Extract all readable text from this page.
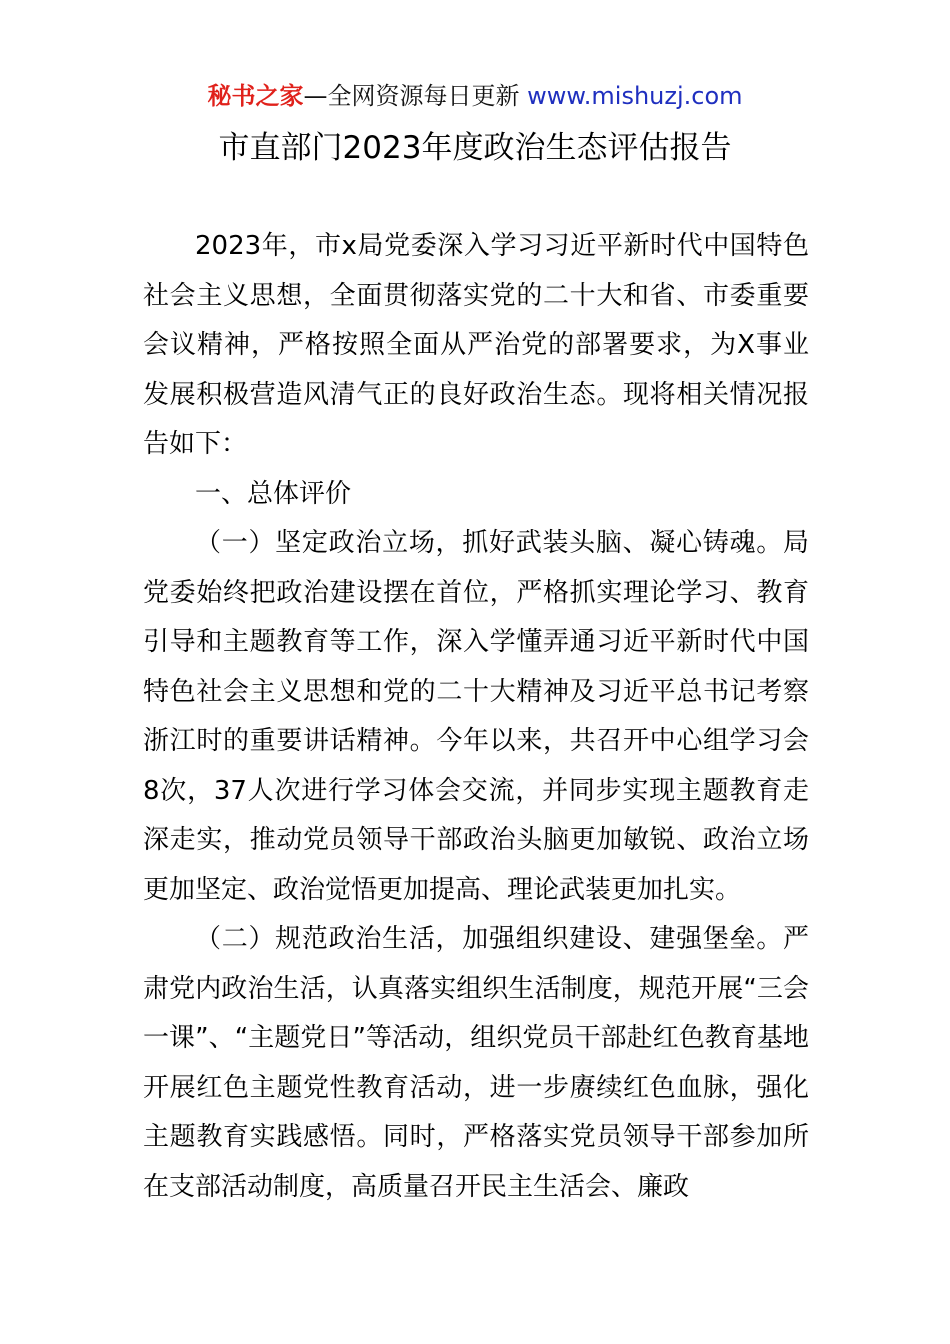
秘书之家—全网资源每日更新 www.mishuzj.com
市直部门2023年度政治生态评估报告

2023年，市x局党委深入学习习近平新时代中国特色社会主义思想，全面贯彻落实党的二十大和省、市委重要会议精神，严格按照全面从严治党的部署要求，为X事业发展积极营造风清气正的良好政治生态。现将相关情况报告如下：

一、总体评价

（一）坚定政治立场，抓好武装头脑、凝心铸魂。局党委始终把政治建设摆在首位，严格抓实理论学习、教育引导和主题教育等工作，深入学懂弄通习近平新时代中国特色社会主义思想和党的二十大精神及习近平总书记考察浙江时的重要讲话精神。今年以来，共召开中心组学习会8次，37人次进行学习体会交流，并同步实现主题教育走深走实，推动党员领导干部政治头脑更加敏锐、政治立场更加坚定、政治觉悟更加提高、理论武装更加扎实。

（二）规范政治生活，加强组织建设、建强堡垒。严肃党内政治生活，认真落实组织生活制度，规范开展“三会一课”、“主题党日”等活动，组织党员干部赴红色教育基地开展红色主题党性教育活动，进一步赓续红色血脉，强化主题教育实践感悟。同时，严格落实党员领导干部参加所在支部活动制度，高质量召开民主生活会、廉政
